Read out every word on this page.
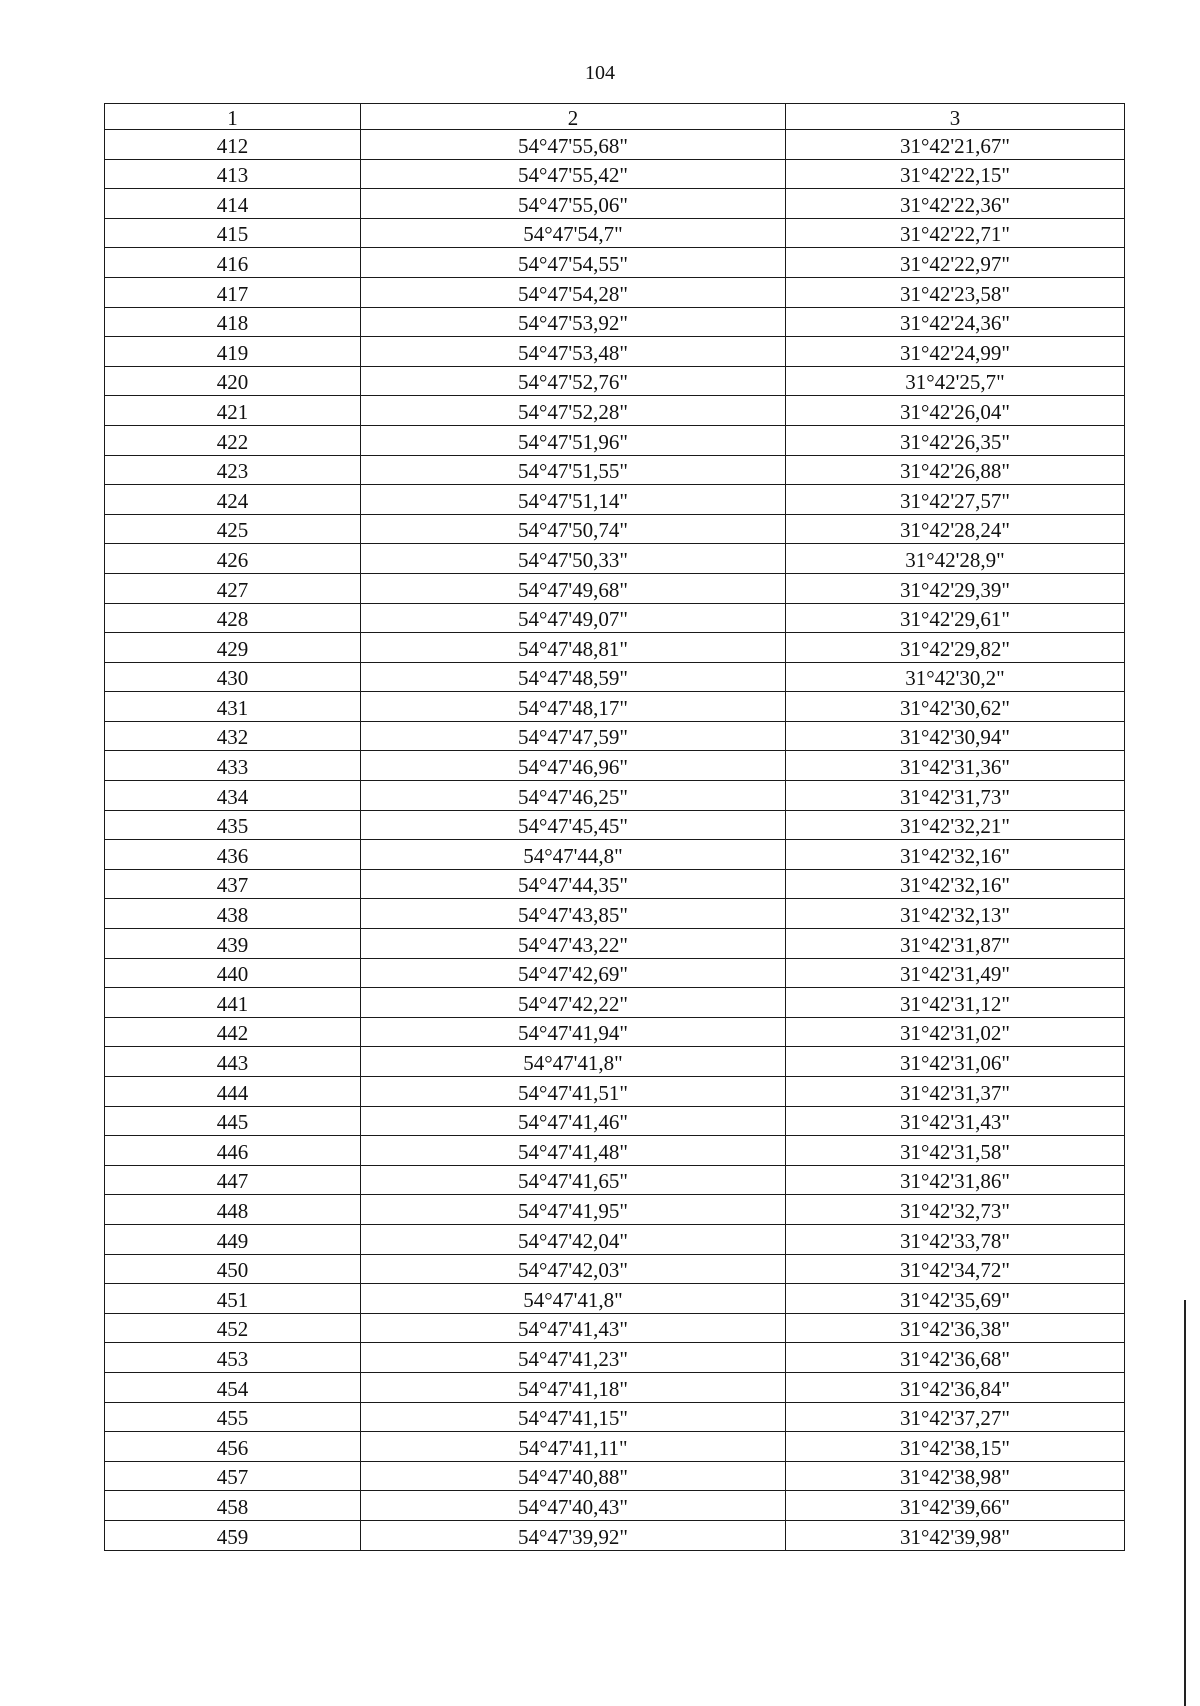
104
1	2	3
412	54°47'55,68"	31°42'21,67"
413	54°47'55,42"	31°42'22,15"
414	54°47'55,06"	31°42'22,36"
415	54°47'54,7"	31°42'22,71"
416	54°47'54,55"	31°42'22,97"
417	54°47'54,28"	31°42'23,58"
418	54°47'53,92"	31°42'24,36"
419	54°47'53,48"	31°42'24,99"
420	54°47'52,76"	31°42'25,7"
421	54°47'52,28"	31°42'26,04"
422	54°47'51,96"	31°42'26,35"
423	54°47'51,55"	31°42'26,88"
424	54°47'51,14"	31°42'27,57"
425	54°47'50,74"	31°42'28,24"
426	54°47'50,33"	31°42'28,9"
427	54°47'49,68"	31°42'29,39"
428	54°47'49,07"	31°42'29,61"
429	54°47'48,81"	31°42'29,82"
430	54°47'48,59"	31°42'30,2"
431	54°47'48,17"	31°42'30,62"
432	54°47'47,59"	31°42'30,94"
433	54°47'46,96"	31°42'31,36"
434	54°47'46,25"	31°42'31,73"
435	54°47'45,45"	31°42'32,21"
436	54°47'44,8"	31°42'32,16"
437	54°47'44,35"	31°42'32,16"
438	54°47'43,85"	31°42'32,13"
439	54°47'43,22"	31°42'31,87"
440	54°47'42,69"	31°42'31,49"
441	54°47'42,22"	31°42'31,12"
442	54°47'41,94"	31°42'31,02"
443	54°47'41,8"	31°42'31,06"
444	54°47'41,51"	31°42'31,37"
445	54°47'41,46"	31°42'31,43"
446	54°47'41,48"	31°42'31,58"
447	54°47'41,65"	31°42'31,86"
448	54°47'41,95"	31°42'32,73"
449	54°47'42,04"	31°42'33,78"
450	54°47'42,03"	31°42'34,72"
451	54°47'41,8"	31°42'35,69"
452	54°47'41,43"	31°42'36,38"
453	54°47'41,23"	31°42'36,68"
454	54°47'41,18"	31°42'36,84"
455	54°47'41,15"	31°42'37,27"
456	54°47'41,11"	31°42'38,15"
457	54°47'40,88"	31°42'38,98"
458	54°47'40,43"	31°42'39,66"
459	54°47'39,92"	31°42'39,98"
